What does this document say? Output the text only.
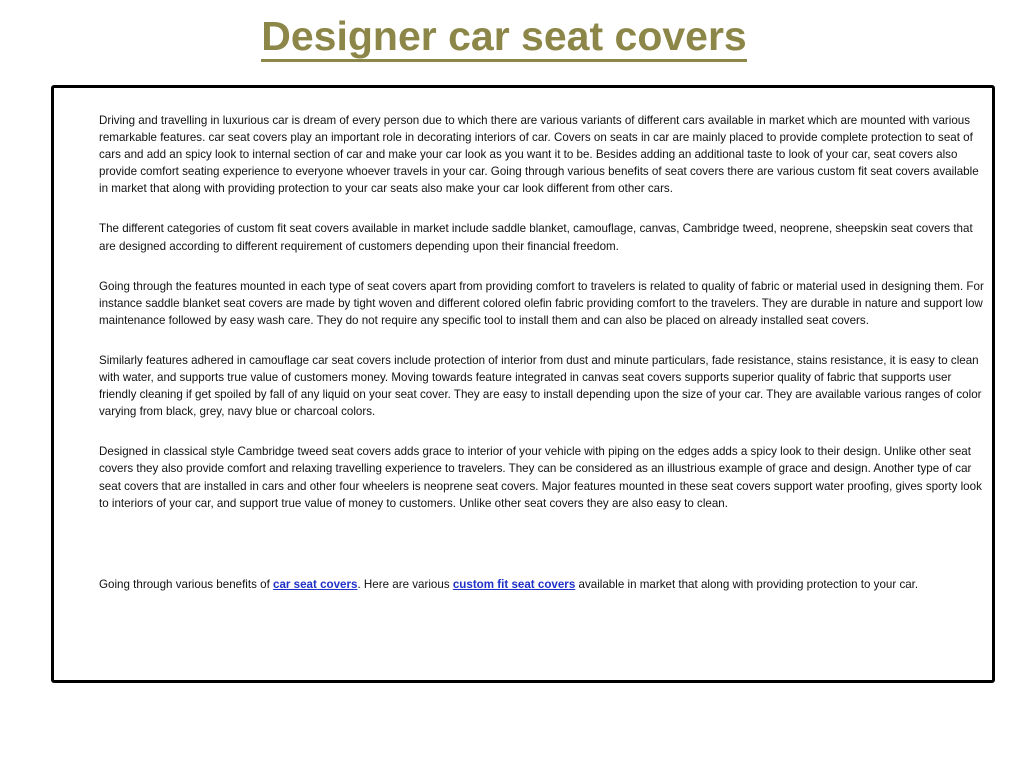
Designer car seat covers

Driving and travelling in luxurious car is dream of every person due to which there are various variants of different cars available in market which are mounted with various remarkable features. car seat covers play an important role in decorating interiors of car. Covers on seats in car are mainly placed to provide complete protection to seat of cars and add an spicy look to internal section of car and make your car look as you want it to be. Besides adding an additional taste to look of your car, seat covers also provide comfort seating experience to everyone whoever travels in your car. Going through various benefits of seat covers there are various custom fit seat covers available in market that along with providing protection to your car seats also make your car look different from other cars.

The different categories of custom fit seat covers available in market include saddle blanket, camouflage, canvas, Cambridge tweed, neoprene, sheepskin seat covers that are designed according to different requirement of customers depending upon their financial freedom.

Going through the features mounted in each type of seat covers apart from providing comfort to travelers is related to quality of fabric or material used in designing them. For instance saddle blanket seat covers are made by tight woven and different colored olefin fabric providing comfort to the travelers. They are durable in nature and support low maintenance followed by easy wash care. They do not require any specific tool to install them and can also be placed on already installed seat covers.

Similarly features adhered in camouflage car seat covers include protection of interior from dust and minute particulars, fade resistance, stains resistance, it is easy to clean with water, and supports true value of customers money. Moving towards feature integrated in canvas seat covers supports superior quality of fabric that supports user friendly cleaning if get spoiled by fall of any liquid on your seat cover. They are easy to install depending upon the size of your car. They are available various ranges of color varying from black, grey, navy blue or charcoal colors.

Designed in classical style Cambridge tweed seat covers adds grace to interior of your vehicle with piping on the edges adds a spicy look to their design. Unlike other seat covers they also provide comfort and relaxing travelling experience to travelers. They can be considered as an illustrious example of grace and design. Another type of car seat covers that are installed in cars and other four wheelers is neoprene seat covers. Major features mounted in these seat covers support water proofing, gives sporty look to interiors of your car, and support true value of money to customers. Unlike other seat covers they are also easy to clean.

Going through various benefits of car seat covers. Here are various custom fit seat covers available in market that along with providing protection to your car.
